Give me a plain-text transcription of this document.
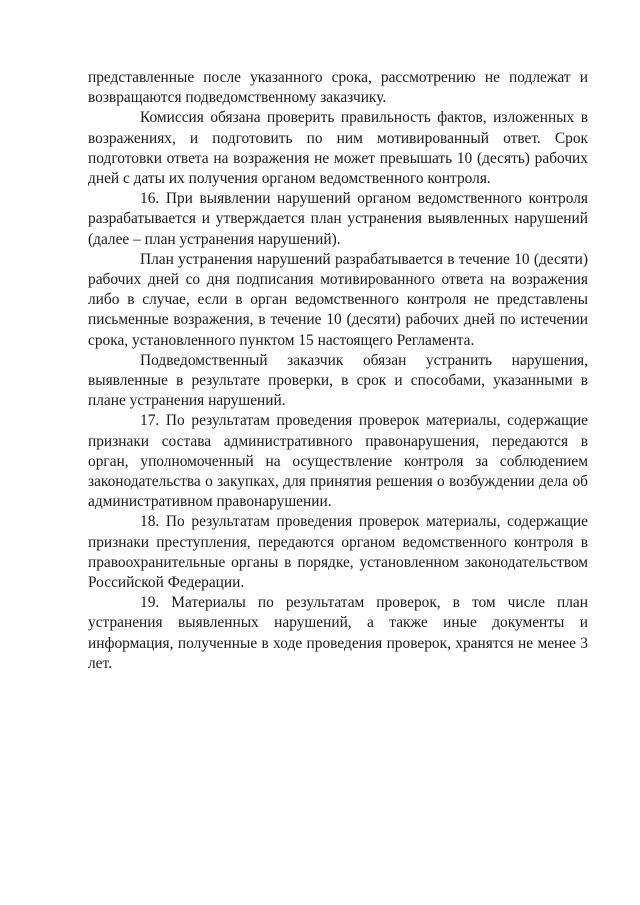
представленные после указанного срока, рассмотрению не подлежат и возвращаются подведомственному заказчику.

Комиссия обязана проверить правильность фактов, изложенных в возражениях, и подготовить по ним мотивированный ответ. Срок подготовки ответа на возражения не может превышать 10 (десять) рабочих дней с даты их получения органом ведомственного контроля.

16. При выявлении нарушений органом ведомственного контроля разрабатывается и утверждается план устранения выявленных нарушений (далее – план устранения нарушений).

План устранения нарушений разрабатывается в течение 10 (десяти) рабочих дней со дня подписания мотивированного ответа на возражения либо в случае, если в орган ведомственного контроля не представлены письменные возражения, в течение 10 (десяти) рабочих дней по истечении срока, установленного пунктом 15 настоящего Регламента.

Подведомственный заказчик обязан устранить нарушения, выявленные в результате проверки, в срок и способами, указанными в плане устранения нарушений.

17. По результатам проведения проверок материалы, содержащие признаки состава административного правонарушения, передаются в орган, уполномоченный на осуществление контроля за соблюдением законодательства о закупках, для принятия решения о возбуждении дела об административном правонарушении.

18. По результатам проведения проверок материалы, содержащие признаки преступления, передаются органом ведомственного контроля в правоохранительные органы в порядке, установленном законодательством Российской Федерации.

19. Материалы по результатам проверок, в том числе план устранения выявленных нарушений, а также иные документы и информация, полученные в ходе проведения проверок, хранятся не менее 3 лет.
